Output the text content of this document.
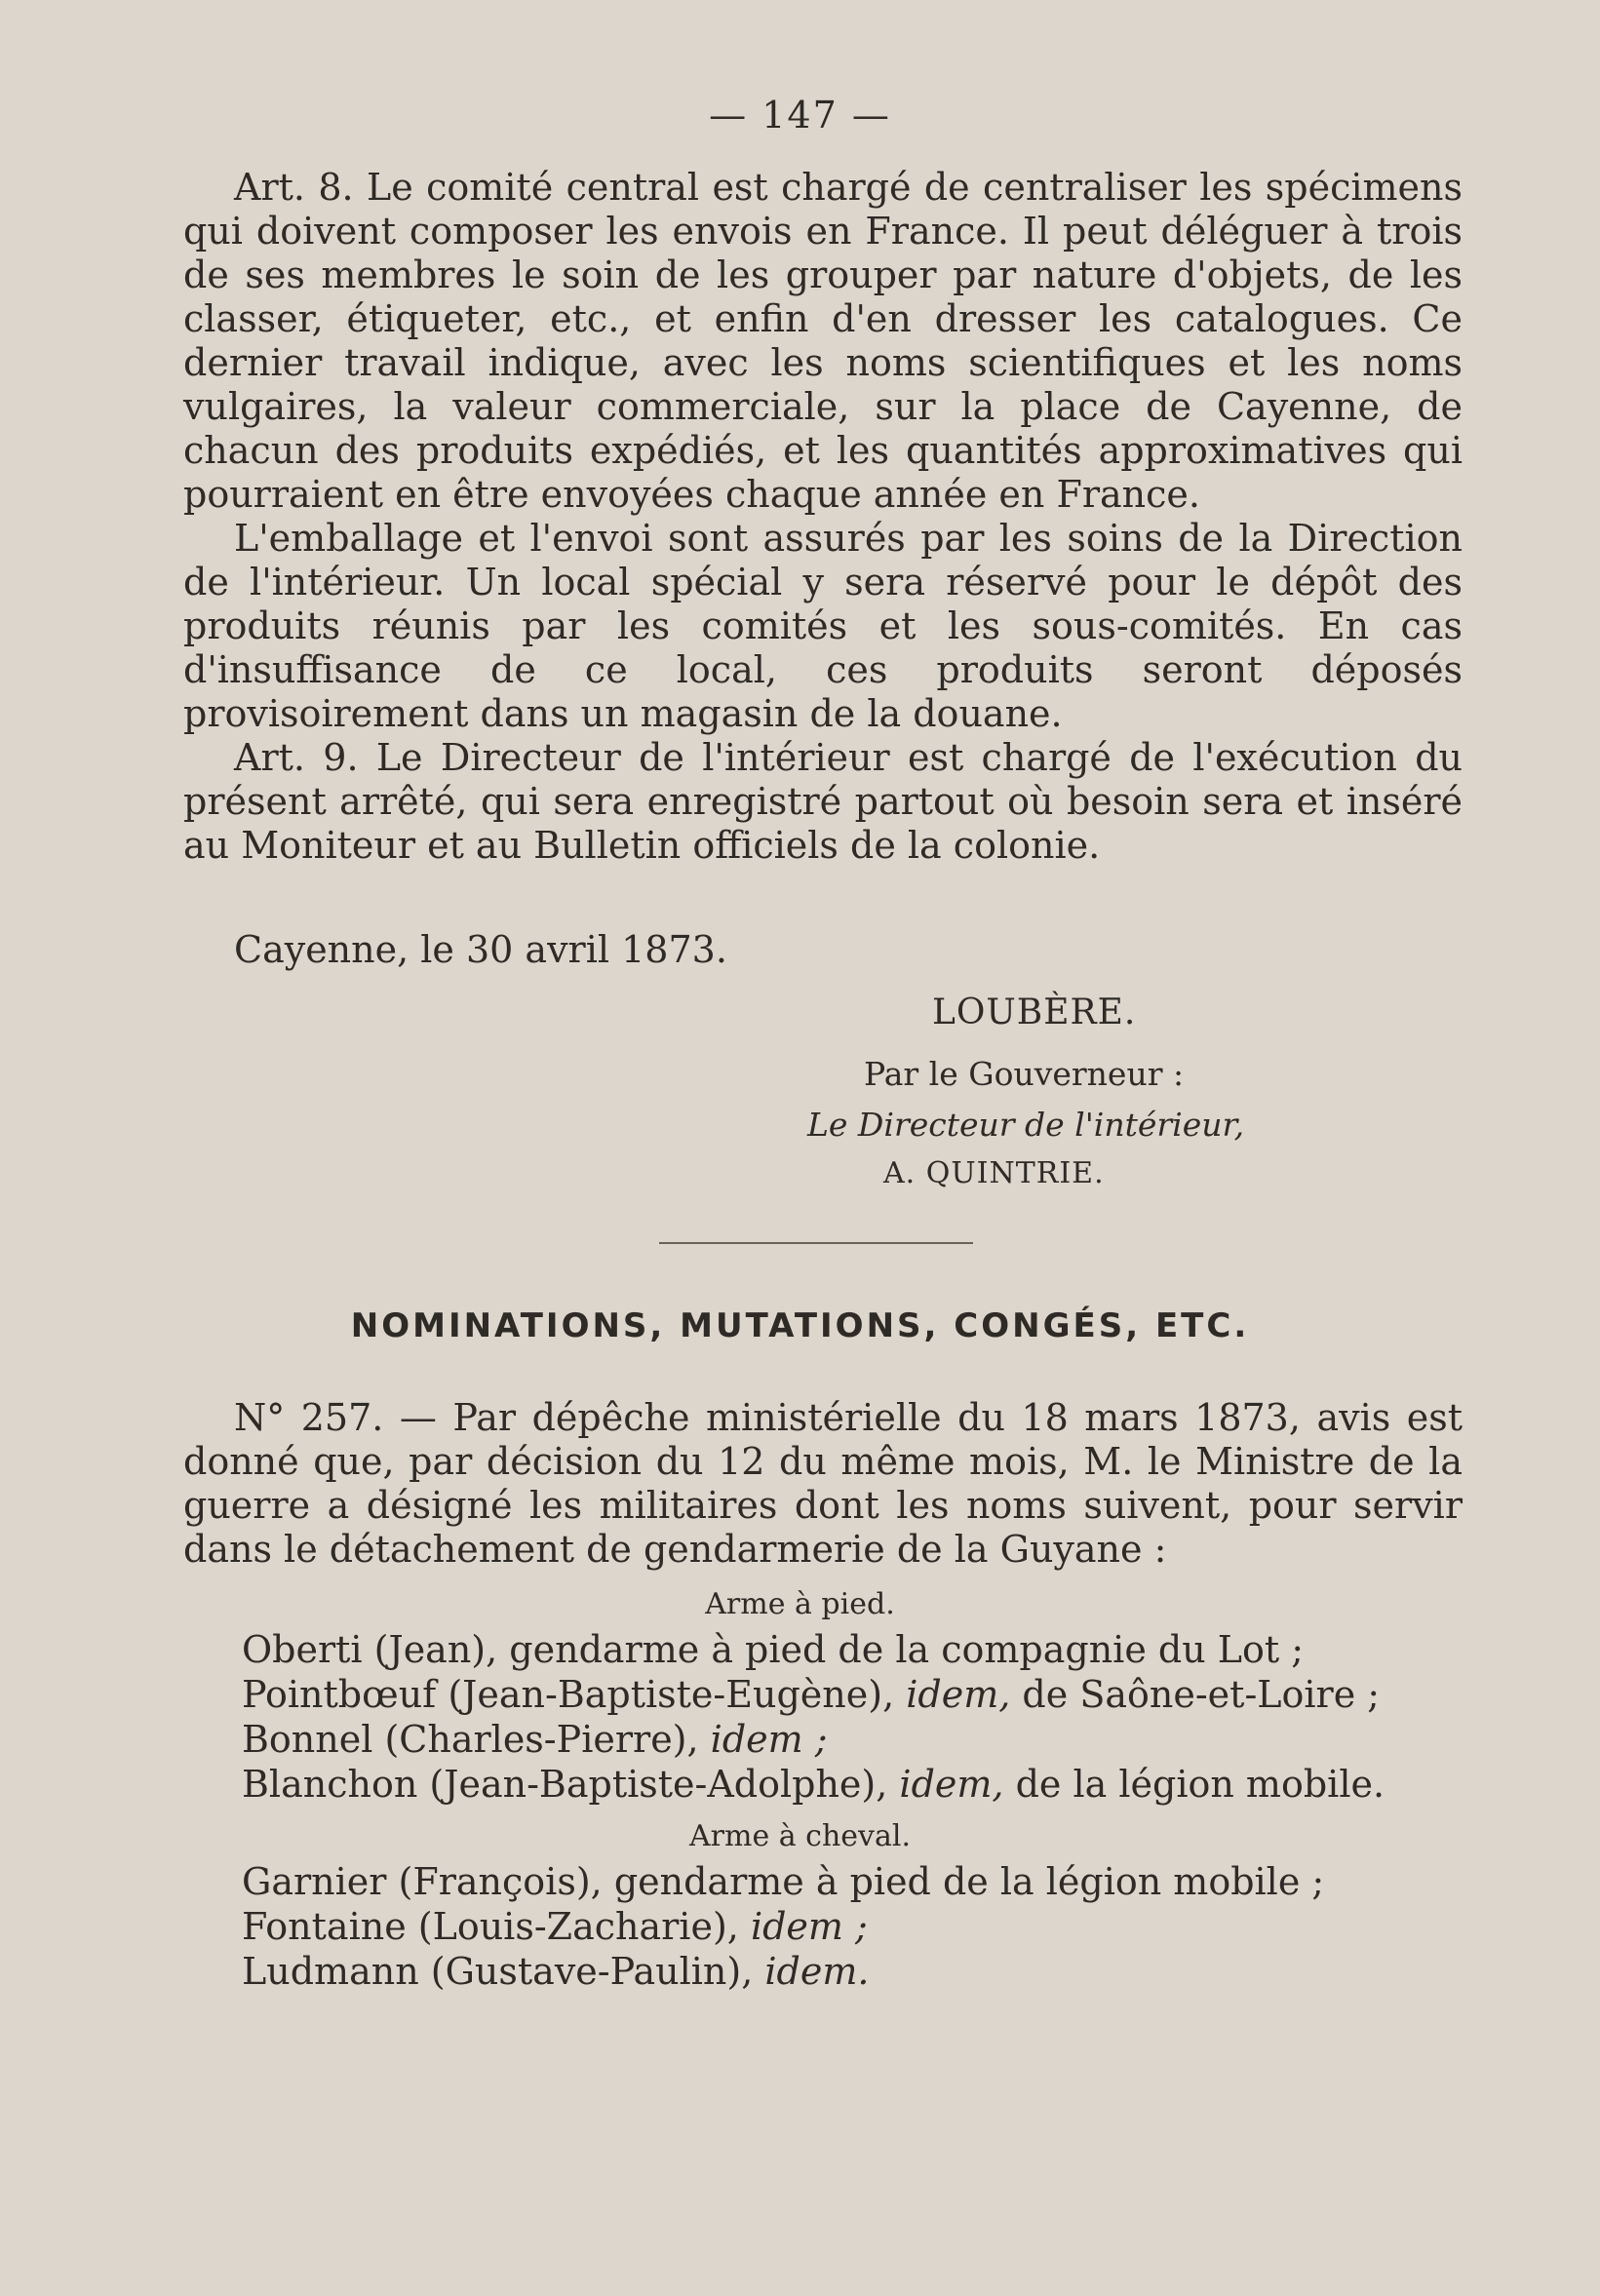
— 147 —

Art. 8. Le comité central est chargé de centraliser les spécimens qui doivent composer les envois en France. Il peut déléguer à trois de ses membres le soin de les grouper par nature d'objets, de les classer, étiqueter, etc., et enfin d'en dresser les catalogues. Ce dernier travail indique, avec les noms scientifiques et les noms vulgaires, la valeur commerciale, sur la place de Cayenne, de chacun des produits expédiés, et les quantités approximatives qui pourraient en être envoyées chaque année en France.

L'emballage et l'envoi sont assurés par les soins de la Direction de l'intérieur. Un local spécial y sera réservé pour le dépôt des produits réunis par les comités et les sous-comités. En cas d'insuffisance de ce local, ces produits seront déposés provisoirement dans un magasin de la douane.

Art. 9. Le Directeur de l'intérieur est chargé de l'exécution du présent arrêté, qui sera enregistré partout où besoin sera et inséré au Moniteur et au Bulletin officiels de la colonie.

Cayenne, le 30 avril 1873.
LOUBÈRE.
Par le Gouverneur :
Le Directeur de l'intérieur,
A. QUINTRIE.
NOMINATIONS, MUTATIONS, CONGÉS, ETC.

N° 257. — Par dépêche ministérielle du 18 mars 1873, avis est donné que, par décision du 12 du même mois, M. le Ministre de la guerre a désigné les militaires dont les noms suivent, pour servir dans le détachement de gendarmerie de la Guyane :

Arme à pied.
Oberti (Jean), gendarme à pied de la compagnie du Lot ;
Pointbœuf (Jean-Baptiste-Eugène), idem, de Saône-et-Loire ;
Bonnel (Charles-Pierre), idem ;
Blanchon (Jean-Baptiste-Adolphe), idem, de la légion mobile.
Arme à cheval.
Garnier (François), gendarme à pied de la légion mobile ;
Fontaine (Louis-Zacharie), idem ;
Ludmann (Gustave-Paulin), idem.
